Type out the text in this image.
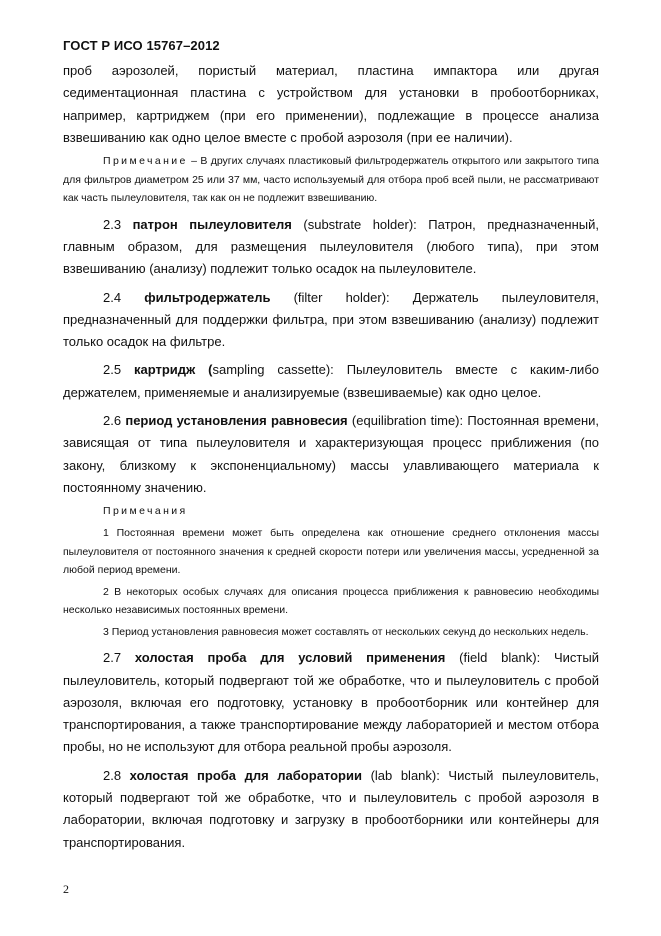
ГОСТ Р ИСО 15767–2012

проб аэрозолей, пористый материал, пластина импактора или другая седиментационная пластина с устройством для установки в пробоотборниках, например, картриджем (при его применении), подлежащие в процессе анализа взвешиванию как одно целое вместе с пробой аэрозоля (при ее наличии).

Примечание – В других случаях пластиковый фильтродержатель открытого или закрытого типа для фильтров диаметром 25 или 37 мм, часто используемый для отбора проб всей пыли, не рассматривают как часть пылеуловителя, так как он не подлежит взвешиванию.

2.3 патрон пылеуловителя (substrate holder): Патрон, предназначенный, главным образом, для размещения пылеуловителя (любого типа), при этом взвешиванию (анализу) подлежит только осадок на пылеуловителе.

2.4 фильтродержатель (filter holder): Держатель пылеуловителя, предназначенный для поддержки фильтра, при этом взвешиванию (анализу) подлежит только осадок на фильтре.

2.5 картридж (sampling cassette): Пылеуловитель вместе с каким-либо держателем, применяемые и анализируемые (взвешиваемые) как одно целое.

2.6 период установления равновесия (equilibration time): Постоянная времени, зависящая от типа пылеуловителя и характеризующая процесс приближения (по закону, близкому к экспоненциальному) массы улавливающего материала к постоянному значению.

Примечания

1 Постоянная времени может быть определена как отношение среднего отклонения массы пылеуловителя от постоянного значения к средней скорости потери или увеличения массы, усредненной за любой период времени.

2 В некоторых особых случаях для описания процесса приближения к равновесию необходимы несколько независимых постоянных времени.

3 Период установления равновесия может составлять от нескольких секунд до нескольких недель.

2.7 холостая проба для условий применения (field blank): Чистый пылеуловитель, который подвергают той же обработке, что и пылеуловитель с пробой аэрозоля, включая его подготовку, установку в пробоотборник или контейнер для транспортирования, а также транспортирование между лабораторией и местом отбора пробы, но не используют для отбора реальной пробы аэрозоля.

2.8 холостая проба для лаборатории (lab blank): Чистый пылеуловитель, который подвергают той же обработке, что и пылеуловитель с пробой аэрозоля в лаборатории, включая подготовку и загрузку в пробоотборники или контейнеры для транспортирования.

2
